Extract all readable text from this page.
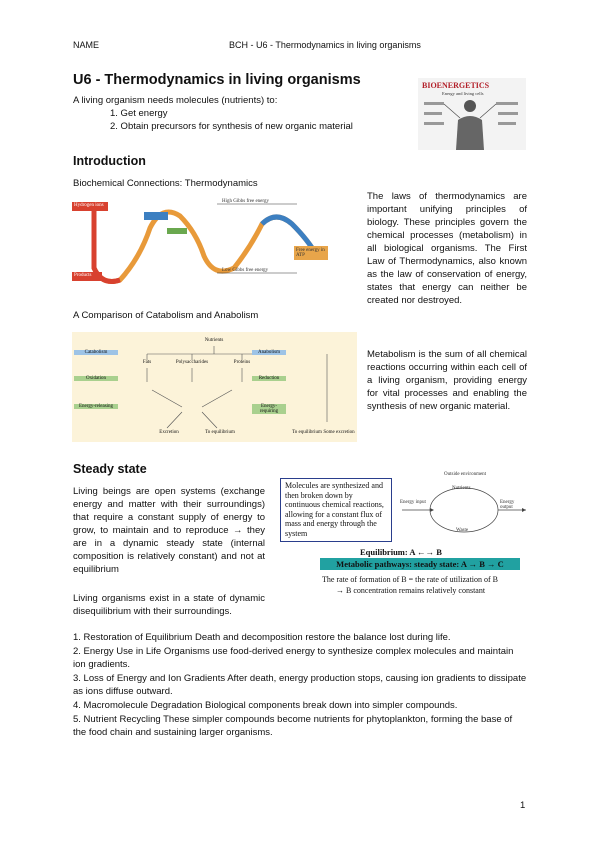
NAME	BCH - U6 - Thermodynamics in living organisms
U6 - Thermodynamics in living organisms
A living organism needs molecules (nutrients) to:
1. Get energy
2. Obtain precursors for synthesis of new organic material
BIOENERGETICS
Energy and living cells
Introduction
Biochemical Connections: Thermodynamics
High Gibbs free energy
Low Gibbs free energy
Hydrogen ions
Products
Free energy in ATP
The laws of thermodynamics are important unifying principles of biology. These principles govern the chemical processes (metabolism) in all biological organisms. The First Law of Thermodynamics, also known as the law of conservation of energy, states that energy can neither be created nor destroyed.
A Comparison of Catabolism and Anabolism
Nutrients
Catabolism
Oxidation
Energy-releasing
Anabolism
Reduction
Energy-requiring
Fats	Polysaccharides	Proteins
Excretion	To equilibrium	To equilibrium Some excretion
Metabolism is the sum of all chemical reactions occurring within each cell of a living organism, providing energy for vital processes and enabling the synthesis of new organic material.
Steady state
Living beings are open systems (exchange energy and matter with their surroundings) that require a constant supply of energy to grow, to maintain and to reproduce → they are in a dynamic steady state (internal composition is relatively constant) and not at equilibrium
Molecules are synthesized and then broken down by continuous chemical reactions, allowing for a constant flux of mass and energy through the system
Outside environment
Energy input
Nutrients
Energy output
Waste
Equilibrium: A ←→ B
Metabolic pathways: steady state: A → B → C
The rate of formation of B = the rate of utilization of B
→ B concentration remains relatively constant
Living organisms exist in a state of dynamic disequilibrium with their surroundings.
1. Restoration of Equilibrium Death and decomposition restore the balance lost during life.
2. Energy Use in Life Organisms use food-derived energy to synthesize complex molecules and maintain ion gradients.
3. Loss of Energy and Ion Gradients After death, energy production stops, causing ion gradients to dissipate as ions diffuse outward.
4. Macromolecule Degradation Biological components break down into simpler compounds.
5. Nutrient Recycling These simpler compounds become nutrients for phytoplankton, forming the base of the food chain and sustaining larger organisms.
1
